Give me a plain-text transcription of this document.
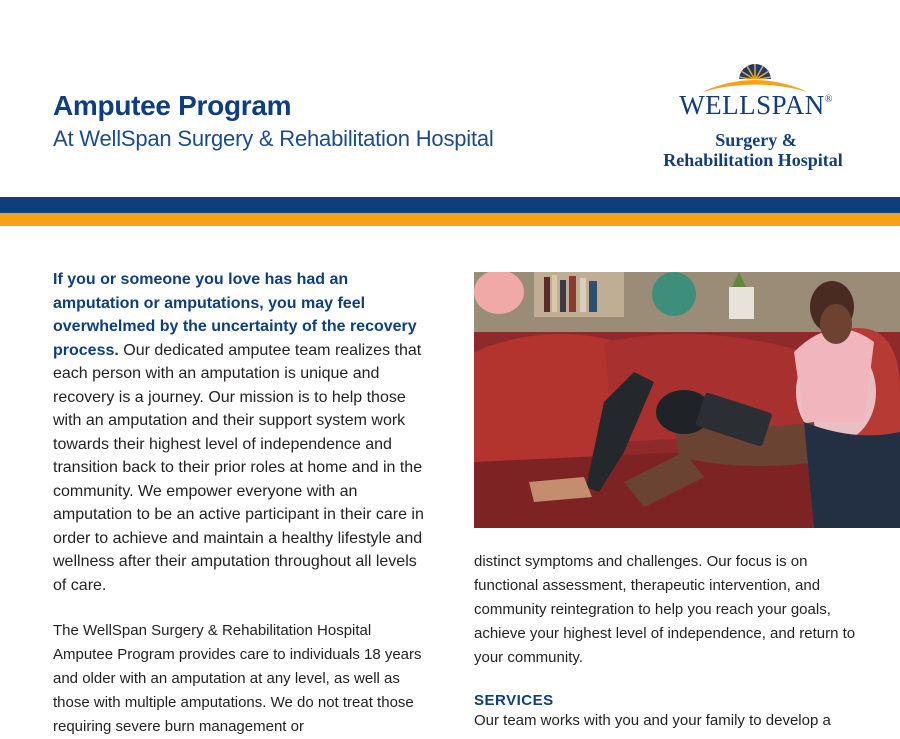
Amputee Program
At WellSpan Surgery & Rehabilitation Hospital
WELLSPAN®
Surgery &
Rehabilitation Hospital

If you or someone you love has had an amputation or amputations, you may feel overwhelmed by the uncertainty of the recovery process. Our dedicated amputee team realizes that each person with an amputation is unique and recovery is a journey. Our mission is to help those with an amputation and their support system work towards their highest level of independence and transition back to their prior roles at home and in the community. We empower everyone with an amputation to be an active participant in their care in order to achieve and maintain a healthy lifestyle and wellness after their amputation throughout all levels of care.

The WellSpan Surgery & Rehabilitation Hospital Amputee Program provides care to individuals 18 years and older with an amputation at any level, as well as those with multiple amputations. We do not treat those requiring severe burn management or

distinct symptoms and challenges. Our focus is on functional assessment, therapeutic intervention, and community reintegration to help you reach your goals, achieve your highest level of independence, and return to your community.

SERVICES

Our team works with you and your family to develop a
